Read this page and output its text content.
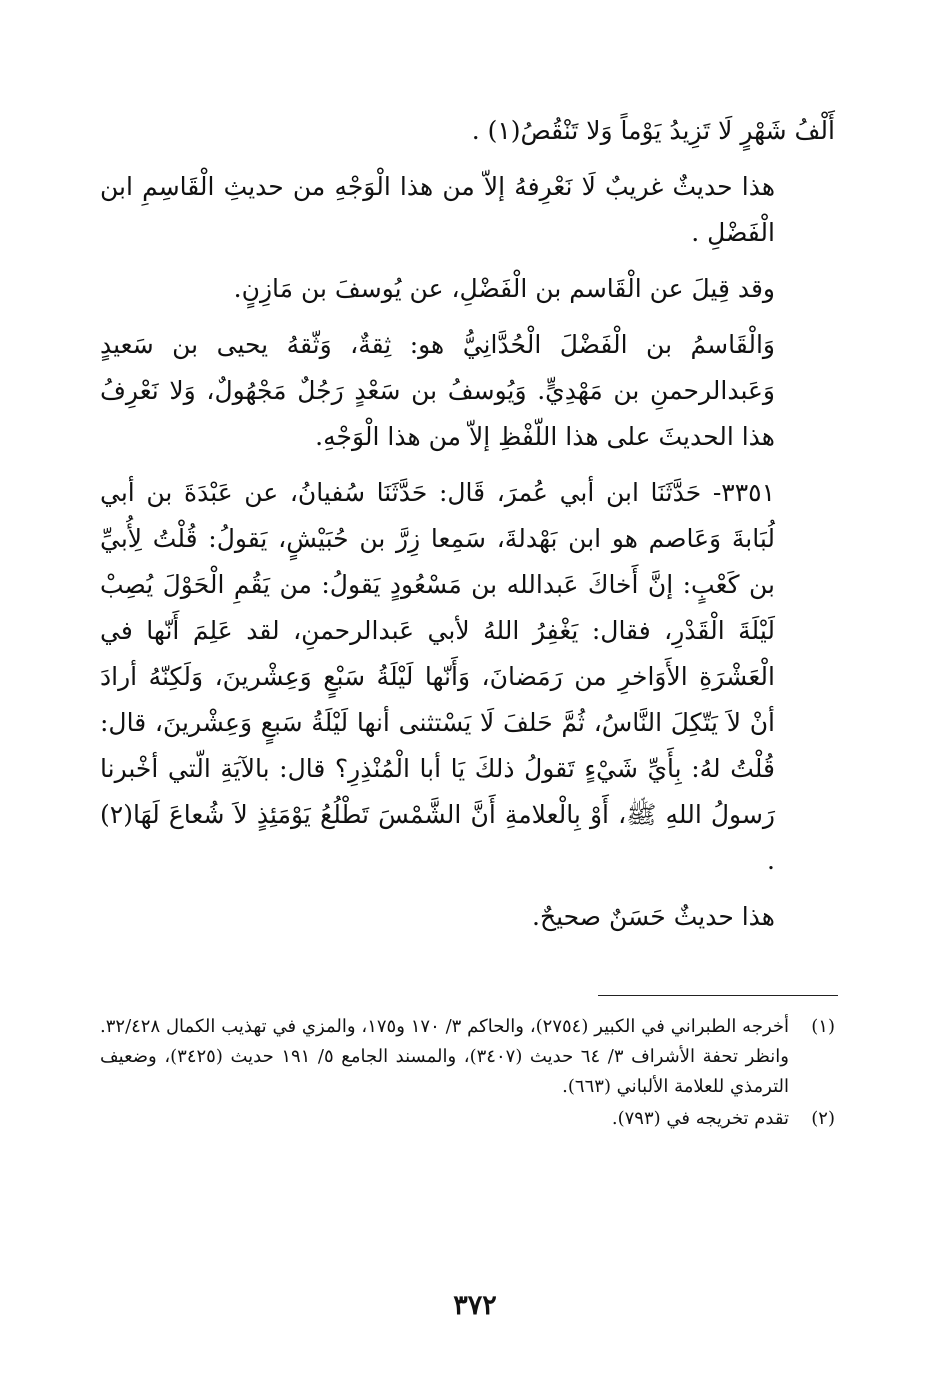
أَلْفُ شَهْرٍ لَا تَزِيدُ يَوْماً وَلا تَنْقُصُ(١) .

هذا حديثٌ غريبٌ لَا نَعْرِفهُ إلاّ من هذا الْوَجْهِ من حديثِ الْقَاسِمِ ابن الْفَضْلِ .

وقد قِيلَ عن الْقَاسم بن الْفَضْلِ، عن يُوسفَ بن مَازِنٍ.

وَالْقَاسمُ بن الْفَضْلَ الْحُدَّانِيُّ هو: ثِقةٌ، وَثّقهُ يحيى بن سَعيدٍ وَعَبدالرحمنِ بن مَهْدِيٍّ. وَيُوسفُ بن سَعْدٍ رَجُلٌ مَجْهُولٌ، وَلا نَعْرِفُ هذا الحديثَ على هذا اللّفْظِ إلاّ من هذا الْوَجْهِ.

٣٣٥١- حَدَّثَنَا ابن أبي عُمرَ، قَال: حَدَّثَنَا سُفيانُ، عن عَبْدَةَ بن أبي لُبَابةَ وَعَاصم هو ابن بَهْدلةَ، سَمِعا زِرَّ بن حُبَيْشٍ، يَقولُ: قُلْتُ لِأُبيِّ بن كَعْبٍ: إنَّ أَخاكَ عَبدالله بن مَسْعُودٍ يَقولُ: من يَقُمِ الْحَوْلَ يُصِبْ لَيْلَةَ الْقَدْرِ، فقال: يَغْفِرُ اللهُ لأبي عَبدالرحمنِ، لقد عَلِمَ أَنّها في الْعَشْرَةِ الأَوَاخرِ من رَمَضانَ، وَأَنّها لَيْلَةُ سَبْعٍ وَعِشْرينَ، وَلَكِنّهُ أرادَ أنْ لاَ يَتّكِلَ النَّاسُ، ثُمَّ حَلفَ لَا يَسْتثنى أنها لَيْلَةُ سَبعٍ وَعِشْرينَ، قال: قُلْتُ لهُ: بِأَيِّ شَيْءٍ تَقولُ ذلكَ يَا أبا الْمُنْذِرِ؟ قال: بالآيَةِ الّتي أخْبرنا رَسولُ اللهِ ﷺ، أَوْ بِالْعلامةِ أَنَّ الشَّمْسَ تَطْلُعُ يَوْمَئِذٍ لاَ شُعاعَ لَهَا(٢) .

هذا حديثٌ حَسَنٌ صحيحٌ.

(١)
أخرجه الطبراني في الكبير (٢٧٥٤)، والحاكم ٣/ ١٧٠ و١٧٥، والمزي في تهذيب الكمال ٣٢/٤٢٨. وانظر تحفة الأشراف ٣/ ٦٤ حديث (٣٤٠٧)، والمسند الجامع ٥/ ١٩١ حديث (٣٤٢٥)، وضعيف الترمذي للعلامة الألباني (٦٦٣).
(٢)
تقدم تخريجه في (٧٩٣).
٣٧٢
